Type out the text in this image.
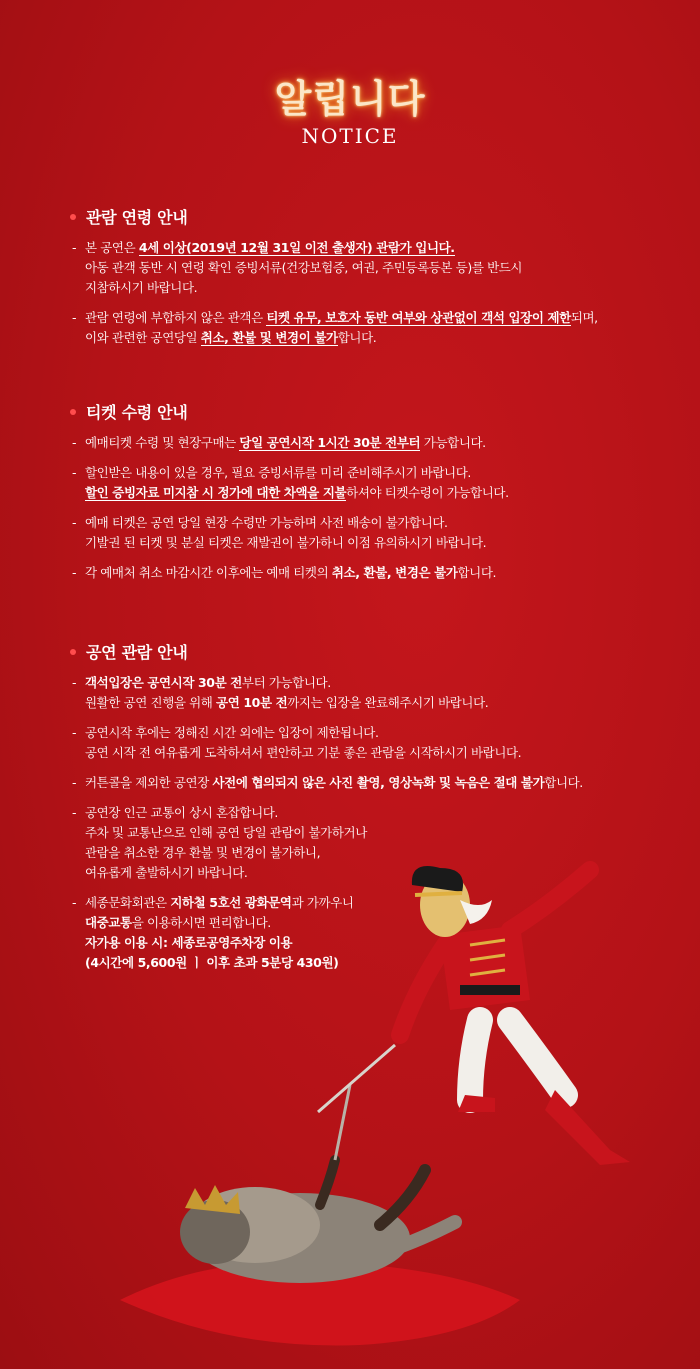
알립니다
NOTICE
관람 연령 안내
- 본 공연은 4세 이상(2019년 12월 31일 이전 출생자) 관람가 입니다.
아동 관객 동반 시 연령 확인 증빙서류(건강보험증, 여권, 주민등록등본 등)를 반드시
지참하시기 바랍니다.
- 관람 연령에 부합하지 않은 관객은 티켓 유무, 보호자 동반 여부와 상관없이 객석 입장이 제한되며,
이와 관련한 공연당일 취소, 환불 및 변경이 불가합니다.
티켓 수령 안내
- 예매티켓 수령 및 현장구매는 당일 공연시작 1시간 30분 전부터 가능합니다.
- 할인받은 내용이 있을 경우, 필요 증빙서류를 미리 준비해주시기 바랍니다.
할인 증빙자료 미지참 시 정가에 대한 차액을 지불하셔야 티켓수령이 가능합니다.
- 예매 티켓은 공연 당일 현장 수령만 가능하며 사전 배송이 불가합니다.
기발권 된 티켓 및 분실 티켓은 재발권이 불가하니 이점 유의하시기 바랍니다.
- 각 예매처 취소 마감시간 이후에는 예매 티켓의 취소, 환불, 변경은 불가합니다.
공연 관람 안내
- 객석입장은 공연시작 30분 전부터 가능합니다.
원활한 공연 진행을 위해 공연 10분 전까지는 입장을 완료해주시기 바랍니다.
- 공연시작 후에는 정해진 시간 외에는 입장이 제한됩니다.
공연 시작 전 여유롭게 도착하셔서 편안하고 기분 좋은 관람을 시작하시기 바랍니다.
- 커튼콜을 제외한 공연장 사전에 협의되지 않은 사진 촬영, 영상녹화 및 녹음은 절대 불가합니다.
- 공연장 인근 교통이 상시 혼잡합니다.
주차 및 교통난으로 인해 공연 당일 관람이 불가하거나
관람을 취소한 경우 환불 및 변경이 불가하니,
여유롭게 출발하시기 바랍니다.
- 세종문화회관은 지하철 5호선 광화문역과 가까우니
대중교통을 이용하시면 편리합니다.
자가용 이용 시: 세종로공영주차장 이용
(4시간에 5,600원 ㅣ 이후 초과 5분당 430원)
